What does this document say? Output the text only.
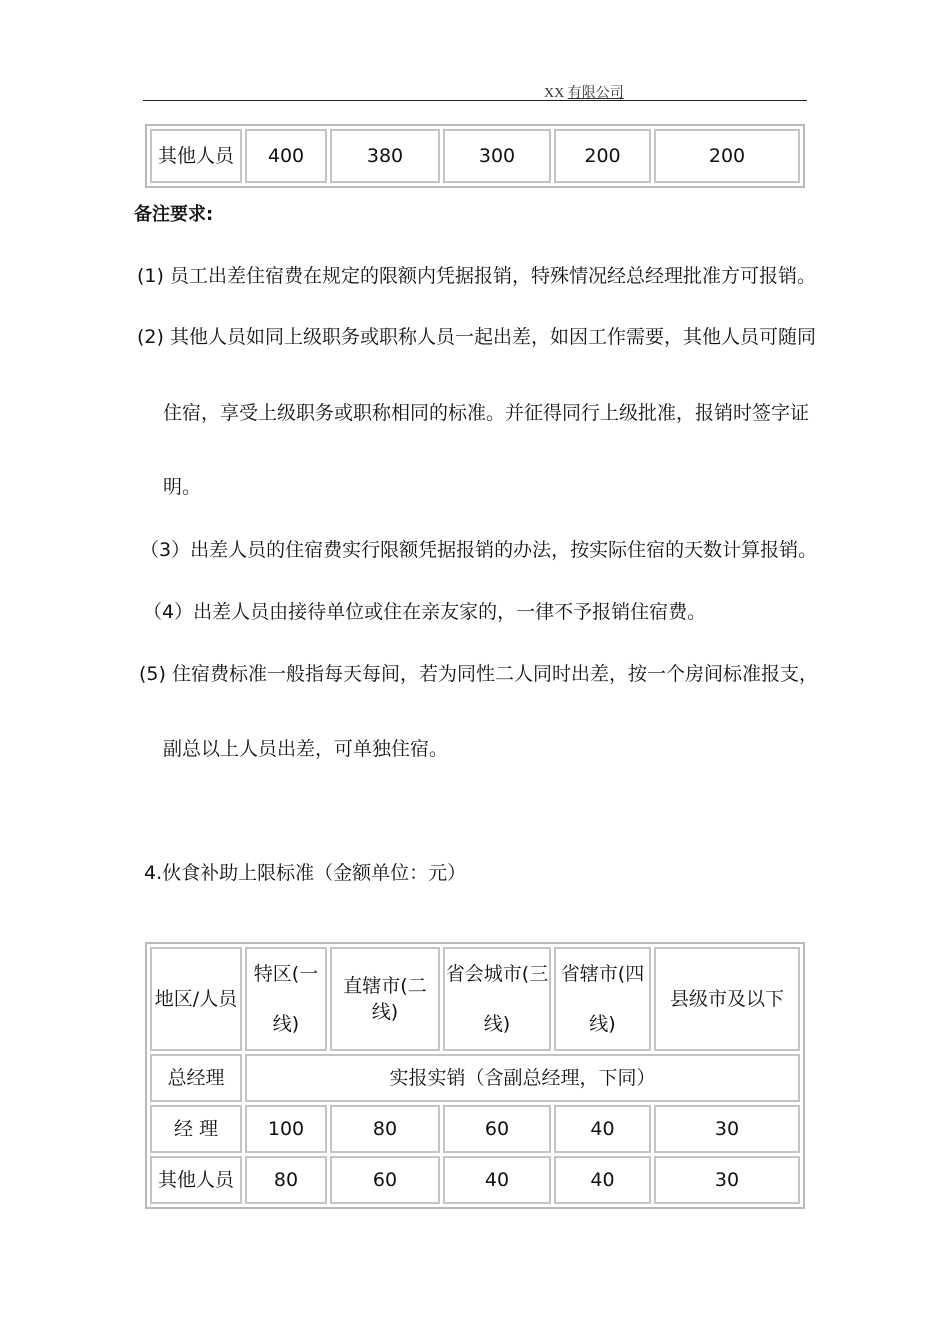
XX 有限公司
其他人员	400	380	300	200	200
备注要求:
(1) 员工出差住宿费在规定的限额内凭据报销，特殊情况经总经理批准方可报销。
(2) 其他人员如同上级职务或职称人员一起出差，如因工作需要，其他人员可随同
住宿，享受上级职务或职称相同的标准。并征得同行上级批准，报销时签字证
明。
（3）出差人员的住宿费实行限额凭据报销的办法，按实际住宿的天数计算报销。
（4）出差人员由接待单位或住在亲友家的，一律不予报销住宿费。
(5) 住宿费标准一般指每天每间，若为同性二人同时出差，按一个房间标准报支，
副总以上人员出差，可单独住宿。
4.伙食补助上限标准（金额单位：元）
地区/人员	特区(一线)	直辖市(二线)	省会城市(三线)	省辖市(四线)	县级市及以下
总经理	实报实销（含副总经理，下同）				
经 理	100	80	60	40	30
其他人员	80	60	40	40	30
